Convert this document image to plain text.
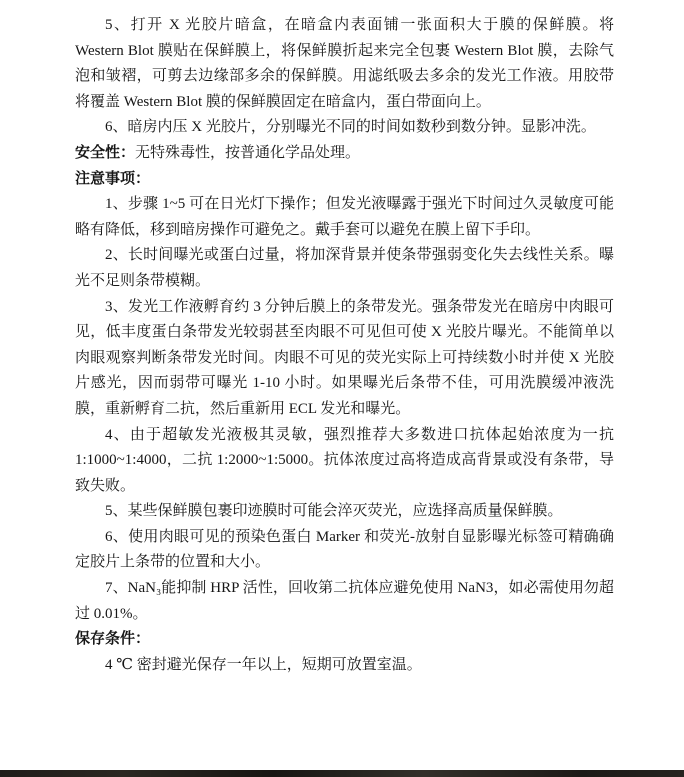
5、打开 X 光胶片暗盒，在暗盒内表面铺一张面积大于膜的保鲜膜。将 Western Blot 膜贴在保鲜膜上，将保鲜膜折起来完全包裹 Western Blot 膜，去除气泡和皱褶，可剪去边缘部多余的保鲜膜。用滤纸吸去多余的发光工作液。用胶带将覆盖 Western Blot 膜的保鲜膜固定在暗盒内，蛋白带面向上。

6、暗房内压 X 光胶片，分别曝光不同的时间如数秒到数分钟。显影冲洗。

安全性：无特殊毒性，按普通化学品处理。

注意事项：

1、步骤 1~5 可在日光灯下操作；但发光液曝露于强光下时间过久灵敏度可能略有降低，移到暗房操作可避免之。戴手套可以避免在膜上留下手印。

2、长时间曝光或蛋白过量，将加深背景并使条带强弱变化失去线性关系。曝光不足则条带模糊。

3、发光工作液孵育约 3 分钟后膜上的条带发光。强条带发光在暗房中肉眼可见，低丰度蛋白条带发光较弱甚至肉眼不可见但可使 X 光胶片曝光。不能简单以肉眼观察判断条带发光时间。肉眼不可见的荧光实际上可持续数小时并使 X 光胶片感光，因而弱带可曝光 1-10 小时。如果曝光后条带不佳，可用洗膜缓冲液洗膜，重新孵育二抗，然后重新用 ECL 发光和曝光。

4、由于超敏发光液极其灵敏，强烈推荐大多数进口抗体起始浓度为一抗 1:1000~1:4000，二抗 1:2000~1:5000。抗体浓度过高将造成高背景或没有条带，导致失败。

5、某些保鲜膜包裹印迹膜时可能会淬灭荧光，应选择高质量保鲜膜。

6、使用肉眼可见的预染色蛋白 Marker 和荧光-放射自显影曝光标签可精确确定胶片上条带的位置和大小。

7、NaN₃能抑制 HRP 活性，回收第二抗体应避免使用 NaN3，如必需使用勿超过 0.01%。

保存条件：

4 ℃ 密封避光保存一年以上，短期可放置室温。
